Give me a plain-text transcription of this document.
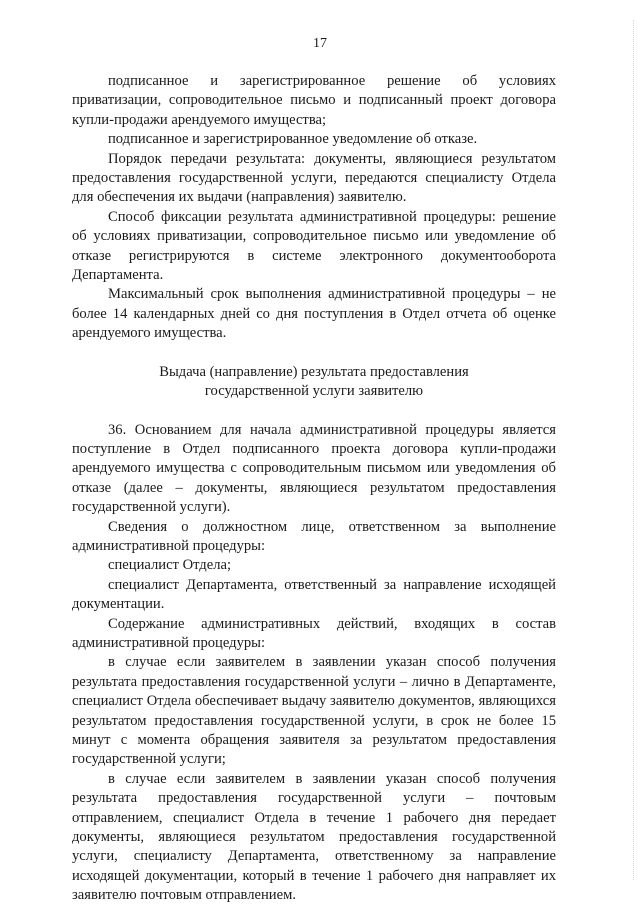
17

подписанное и зарегистрированное решение об условиях приватизации, сопроводительное письмо и подписанный проект договора купли-продажи арендуемого имущества;

подписанное и зарегистрированное уведомление об отказе.

Порядок передачи результата: документы, являющиеся результатом предоставления государственной услуги, передаются специалисту Отдела для обеспечения их выдачи (направления) заявителю.

Способ фиксации результата административной процедуры: решение об условиях приватизации, сопроводительное письмо или уведомление об отказе регистрируются в системе электронного документооборота Департамента.

Максимальный срок выполнения административной процедуры – не более 14 календарных дней со дня поступления в Отдел отчета об оценке арендуемого имущества.

Выдача (направление) результата предоставления
государственной услуги заявителю

36. Основанием для начала административной процедуры является поступление в Отдел подписанного проекта договора купли-продажи арендуемого имущества с сопроводительным письмом или уведомления об отказе (далее – документы, являющиеся результатом предоставления государственной услуги).

Сведения о должностном лице, ответственном за выполнение административной процедуры:

специалист Отдела;

специалист Департамента, ответственный за направление исходящей документации.

Содержание административных действий, входящих в состав административной процедуры:

в случае если заявителем в заявлении указан способ получения результата предоставления государственной услуги – лично в Департаменте, специалист Отдела обеспечивает выдачу заявителю документов, являющихся результатом предоставления государственной услуги, в срок не более 15 минут с момента обращения заявителя за результатом предоставления государственной услуги;

в случае если заявителем в заявлении указан способ получения результата предоставления государственной услуги – почтовым отправлением, специалист Отдела в течение 1 рабочего дня передает документы, являющиеся результатом предоставления государственной услуги, специалисту Департамента, ответственному за направление исходящей документации, который в течение 1 рабочего дня направляет их заявителю почтовым отправлением.
